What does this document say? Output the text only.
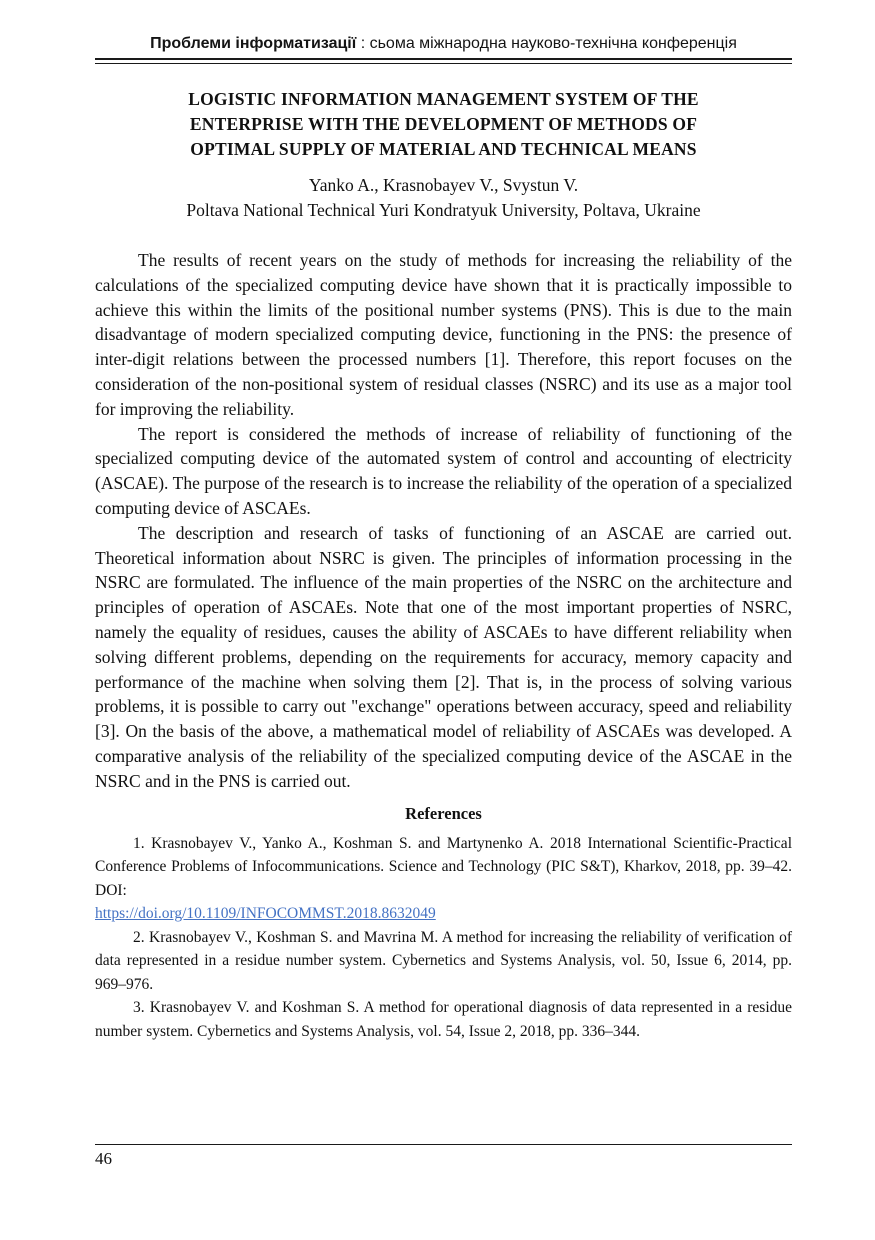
Проблеми інформатизації : сьома міжнародна науково-технічна конференція
LOGISTIC INFORMATION MANAGEMENT SYSTEM OF THE
ENTERPRISE WITH THE DEVELOPMENT OF METHODS OF
OPTIMAL SUPPLY OF MATERIAL AND TECHNICAL MEANS
Yanko A., Krasnobayev V., Svystun V.
Poltava National Technical Yuri Kondratyuk University, Poltava, Ukraine

The results of recent years on the study of methods for increasing the reliability of the calculations of the specialized computing device have shown that it is practically impossible to achieve this within the limits of the positional number systems (PNS). This is due to the main disadvantage of modern specialized computing device, functioning in the PNS: the presence of inter-digit relations between the processed numbers [1]. Therefore, this report focuses on the consideration of the non-positional system of residual classes (NSRC) and its use as a major tool for improving the reliability.

The report is considered the methods of increase of reliability of functioning of the specialized computing device of the automated system of control and accounting of electricity (ASCAE). The purpose of the research is to increase the reliability of the operation of a specialized computing device of ASCAEs.

The description and research of tasks of functioning of an ASCAE are carried out. Theoretical information about NSRC is given. The principles of information processing in the NSRC are formulated. The influence of the main properties of the NSRC on the architecture and principles of operation of ASCAEs. Note that one of the most important properties of NSRC, namely the equality of residues, causes the ability of ASCAEs to have different reliability when solving different problems, depending on the requirements for accuracy, memory capacity and performance of the machine when solving them [2]. That is, in the process of solving various problems, it is possible to carry out "exchange" operations between accuracy, speed and reliability [3]. On the basis of the above, a mathematical model of reliability of ASCAEs was developed. A comparative analysis of the reliability of the specialized computing device of the ASCAE in the NSRC and in the PNS is carried out.

References

1. Krasnobayev V., Yanko A., Koshman S. and Martynenko A. 2018 International Scientific-Practical Conference Problems of Infocommunications. Science and Technology (PIC S&T), Kharkov, 2018, pp. 39–42. DOI:
https://doi.org/10.1109/INFOCOMMST.2018.8632049

2. Krasnobayev V., Koshman S. and Mavrina M. A method for increasing the reliability of verification of data represented in a residue number system. Cybernetics and Systems Analysis, vol. 50, Issue 6, 2014, pp. 969–976.

3. Krasnobayev V. and Koshman S. A method for operational diagnosis of data represented in a residue number system. Cybernetics and Systems Analysis, vol. 54, Issue 2, 2018, pp. 336–344.

46
